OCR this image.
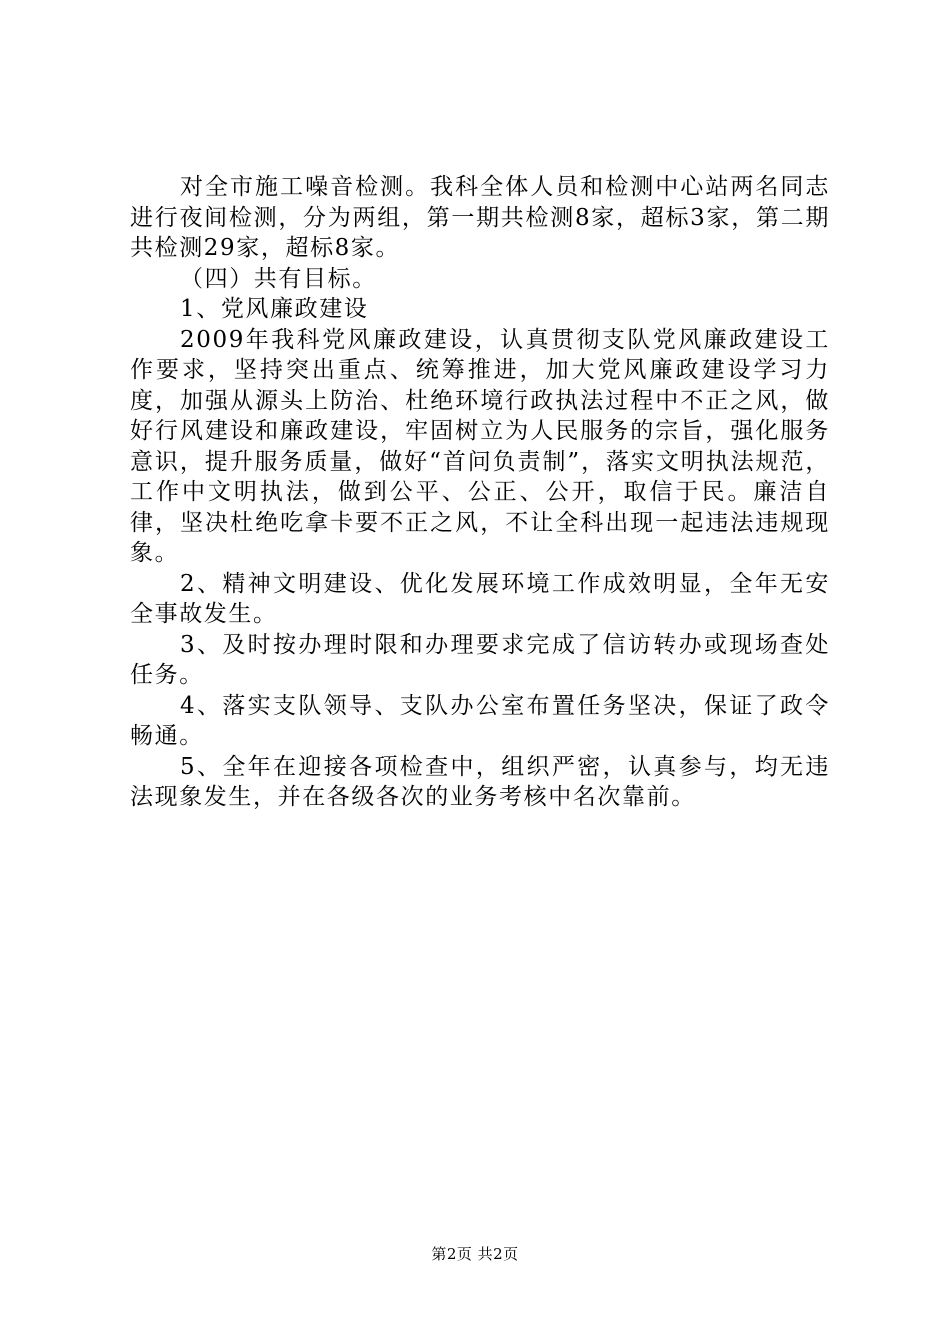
对全市施工噪音检测。我科全体人员和检测中心站两名同志进行夜间检测，分为两组，第一期共检测8家，超标3家，第二期共检测29家，超标8家。

（四）共有目标。

1、党风廉政建设

2009年我科党风廉政建设，认真贯彻支队党风廉政建设工作要求，坚持突出重点、统筹推进，加大党风廉政建设学习力度，加强从源头上防治、杜绝环境行政执法过程中不正之风，做好行风建设和廉政建设，牢固树立为人民服务的宗旨，强化服务意识，提升服务质量，做好“首问负责制”，落实文明执法规范，工作中文明执法，做到公平、公正、公开，取信于民。廉洁自律，坚决杜绝吃拿卡要不正之风，不让全科出现一起违法违规现象。

2、精神文明建设、优化发展环境工作成效明显，全年无安全事故发生。

3、及时按办理时限和办理要求完成了信访转办或现场查处任务。

4、落实支队领导、支队办公室布置任务坚决，保证了政令畅通。

5、全年在迎接各项检查中，组织严密，认真参与，均无违法现象发生，并在各级各次的业务考核中名次靠前。

第2页 共2页
